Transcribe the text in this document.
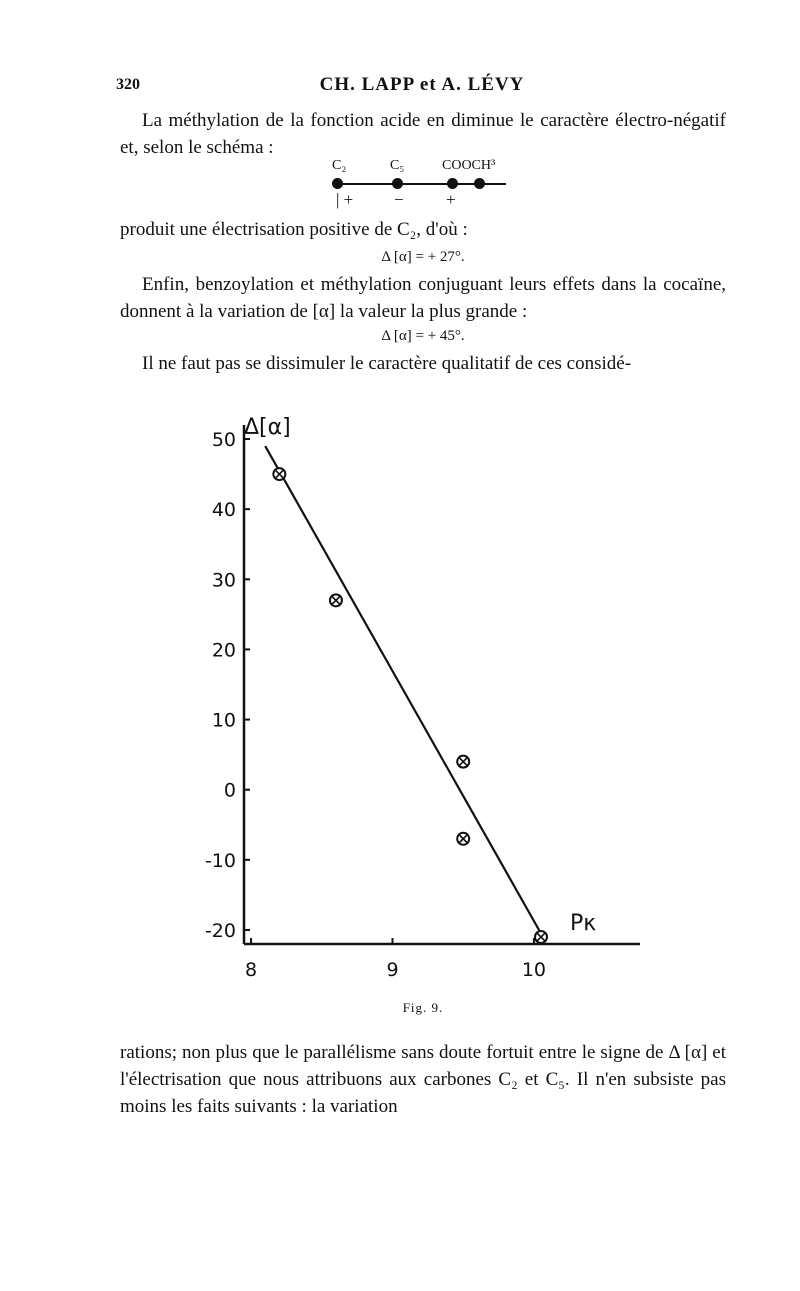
320	CH. LAPP et A. LÉVY
La méthylation de la fonction acide en diminue le caractère électro-négatif et, selon le schéma :
C₂	C₅	COOCH³
| + − +
produit une électrisation positive de C₂, d'où :
Δ [α] = + 27°.
Enfin, benzoylation et méthylation conjuguant leurs effets dans la cocaïne, donnent à la variation de [α] la valeur la plus grande :
Δ [α] = + 45°.
Il ne faut pas se dissimuler le caractère qualitatif de ces considé-
50
40
30
20
10
0
-10
-20
8	9	10
Δ[α]
Pκ
Fig. 9.
rations; non plus que le parallélisme sans doute fortuit entre le signe de Δ [α] et l'électrisation que nous attribuons aux carbones C₂ et C₅. Il n'en subsiste pas moins les faits suivants : la variation
